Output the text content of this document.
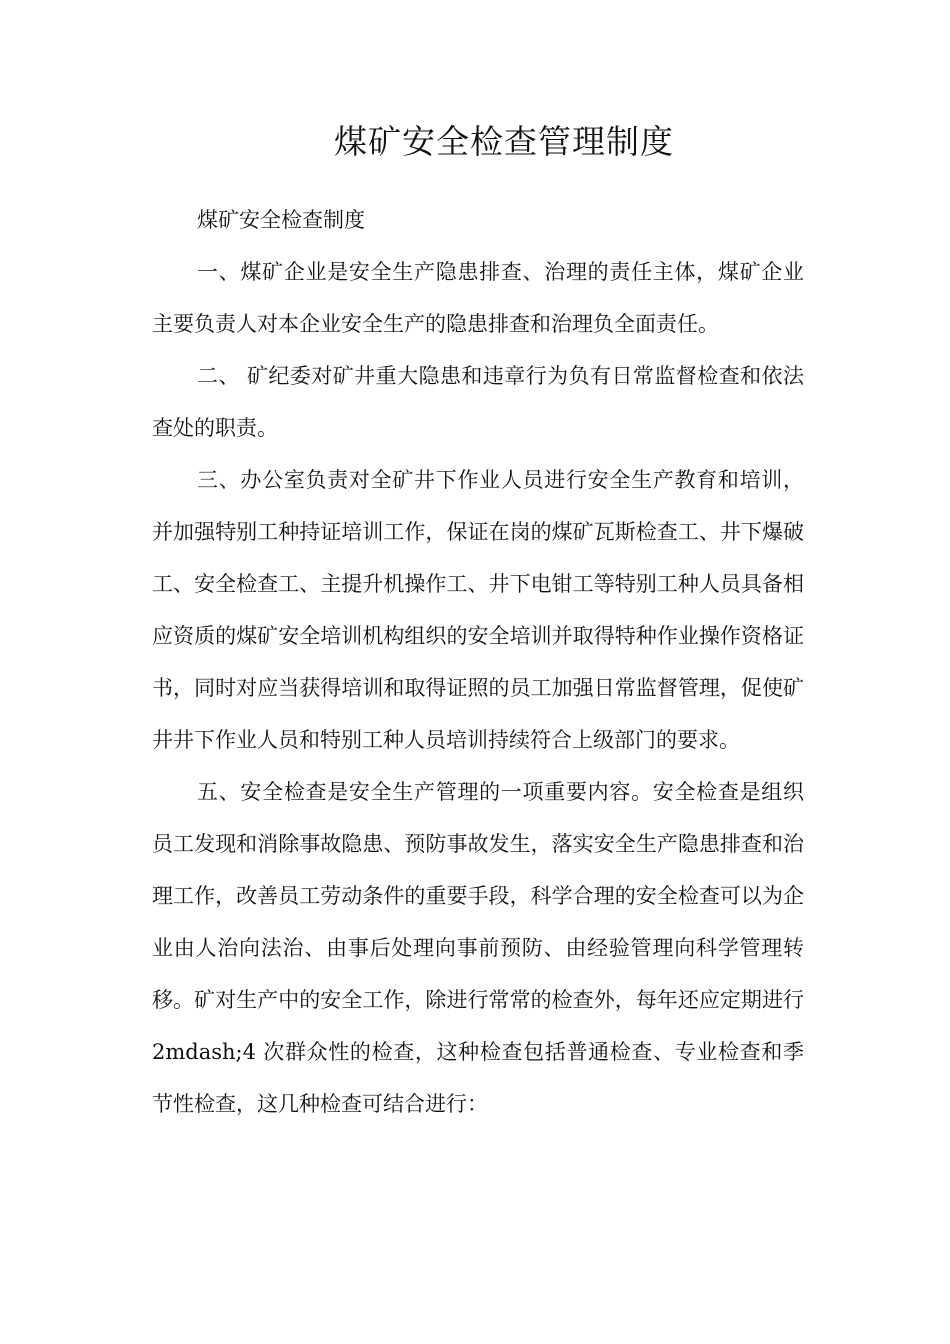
煤矿安全检查管理制度

煤矿安全检查制度

一、煤矿企业是安全生产隐患排查、治理的责任主体，煤矿企业主要负责人对本企业安全生产的隐患排查和治理负全面责任。

二、 矿纪委对矿井重大隐患和违章行为负有日常监督检查和依法查处的职责。

三、办公室负责对全矿井下作业人员进行安全生产教育和培训，并加强特别工种持证培训工作，保证在岗的煤矿瓦斯检查工、井下爆破工、安全检查工、主提升机操作工、井下电钳工等特别工种人员具备相应资质的煤矿安全培训机构组织的安全培训并取得特种作业操作资格证书，同时对应当获得培训和取得证照的员工加强日常监督管理，促使矿井井下作业人员和特别工种人员培训持续符合上级部门的要求。

五、安全检查是安全生产管理的一项重要内容。安全检查是组织员工发现和消除事故隐患、预防事故发生，落实安全生产隐患排查和治理工作，改善员工劳动条件的重要手段，科学合理的安全检查可以为企业由人治向法治、由事后处理向事前预防、由经验管理向科学管理转移。矿对生产中的安全工作，除进行常常的检查外，每年还应定期进行 2mdash;4 次群众性的检查，这种检查包括普通检查、专业检查和季节性检查，这几种检查可结合进行：
